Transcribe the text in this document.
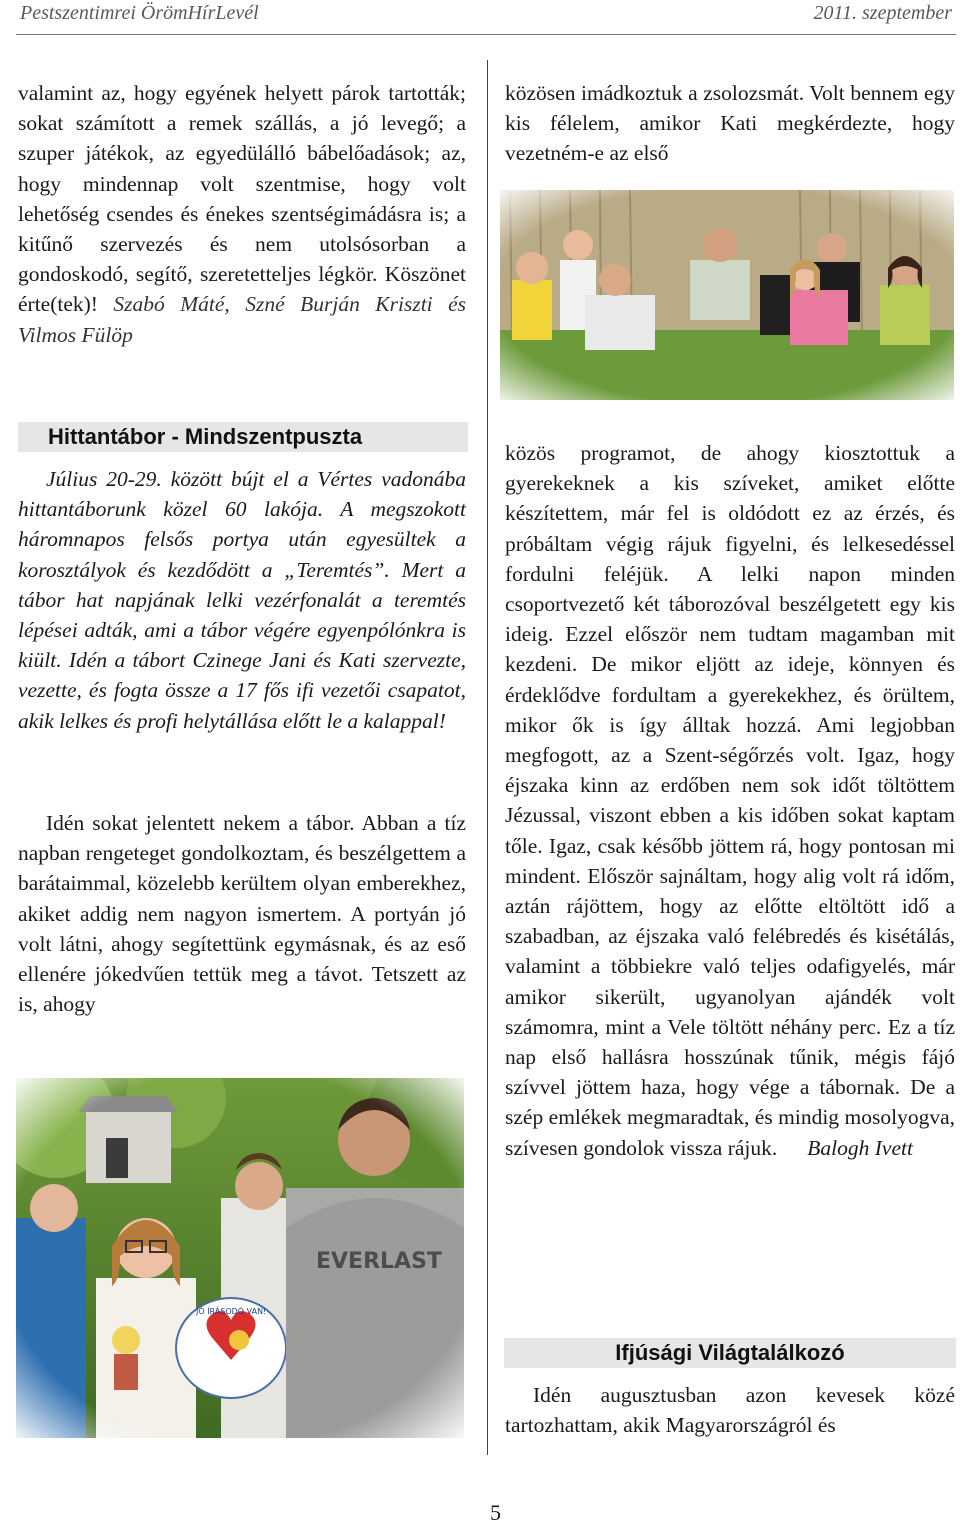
Pestszentimrei ÖrömHírLevél	2011. szeptember

valamint az, hogy egyének helyett párok tartották; sokat számított a remek szállás, a jó levegő; a szuper játékok, az egyedülálló bábelőadások; az, hogy mindennap volt szentmise, hogy volt lehetőség csendes és énekes szentségimádásra is; a kitűnő szervezés és nem utolsósorban a gondoskodó, segítő, szeretetteljes légkör. Köszönet érte(tek)! Szabó Máté, Szné Burján Kriszti és Vilmos Fülöp

Hittantábor - Mindszentpuszta

Július 20-29. között bújt el a Vértes vadonába hittantáborunk közel 60 lakója. A megszokott háromnapos felsős portya után egyesültek a korosztályok és kezdődött a „Teremtés”. Mert a tábor hat napjának lelki vezérfonalát a teremtés lépései adták, ami a tábor végére egyenpólónkra is kiült. Idén a tábort Czinege Jani és Kati szervezte, vezette, és fogta össze a 17 fős ifi vezetői csapatot, akik lelkes és profi helytállása előtt le a kalappal!

Idén sokat jelentett nekem a tábor. Abban a tíz napban rengeteget gondolkoztam, és beszélgettem a barátaimmal, közelebb kerültem olyan emberekhez, akiket addig nem nagyon ismertem. A portyán jó volt látni, ahogy segítettünk egymásnak, és az eső ellenére jókedvűen tettük meg a távot. Tetszett az is, ahogy

közösen imádkoztuk a zsolozsmát. Volt bennem egy kis félelem, amikor Kati megkérdezte, hogy vezetném-e az első

közös programot, de ahogy kiosztottuk a gyerekeknek a kis szíveket, amiket előtte készítettem, már fel is oldódott ez az érzés, és próbáltam végig rájuk figyelni, és lelkesedéssel fordulni feléjük. A lelki napon minden csoportvezető két táborozóval beszélgetett egy kis ideig. Ezzel először nem tudtam magamban mit kezdeni. De mikor eljött az ideje, könnyen és érdeklődve fordultam a gyerekekhez, és örültem, mikor ők is így álltak hozzá. Ami legjobban megfogott, az a Szent-ségőrzés volt. Igaz, hogy éjszaka kinn az erdőben nem sok időt töltöttem Jézussal, viszont ebben a kis időben sokat kaptam tőle. Igaz, csak később jöttem rá, hogy pontosan mi mindent. Először sajnáltam, hogy alig volt rá időm, aztán rájöttem, hogy az előtte eltöltött idő a szabadban, az éjszaka való felébredés és kisétálás, valamint a többiekre való teljes odafigyelés, már amikor sikerült, ugyanolyan ajándék volt számomra, mint a Vele töltött néhány perc. Ez a tíz nap első hallásra hosszúnak tűnik, mégis fájó szívvel jöttem haza, hogy vége a tábornak. De a szép emlékek megmaradtak, és mindig mosolyogva, szívesen gondolok vissza rájuk. Balogh Ivett

Ifjúsági Világtalálkozó

Idén augusztusban azon kevesek közé tartozhattam, akik Magyarországról és

5
